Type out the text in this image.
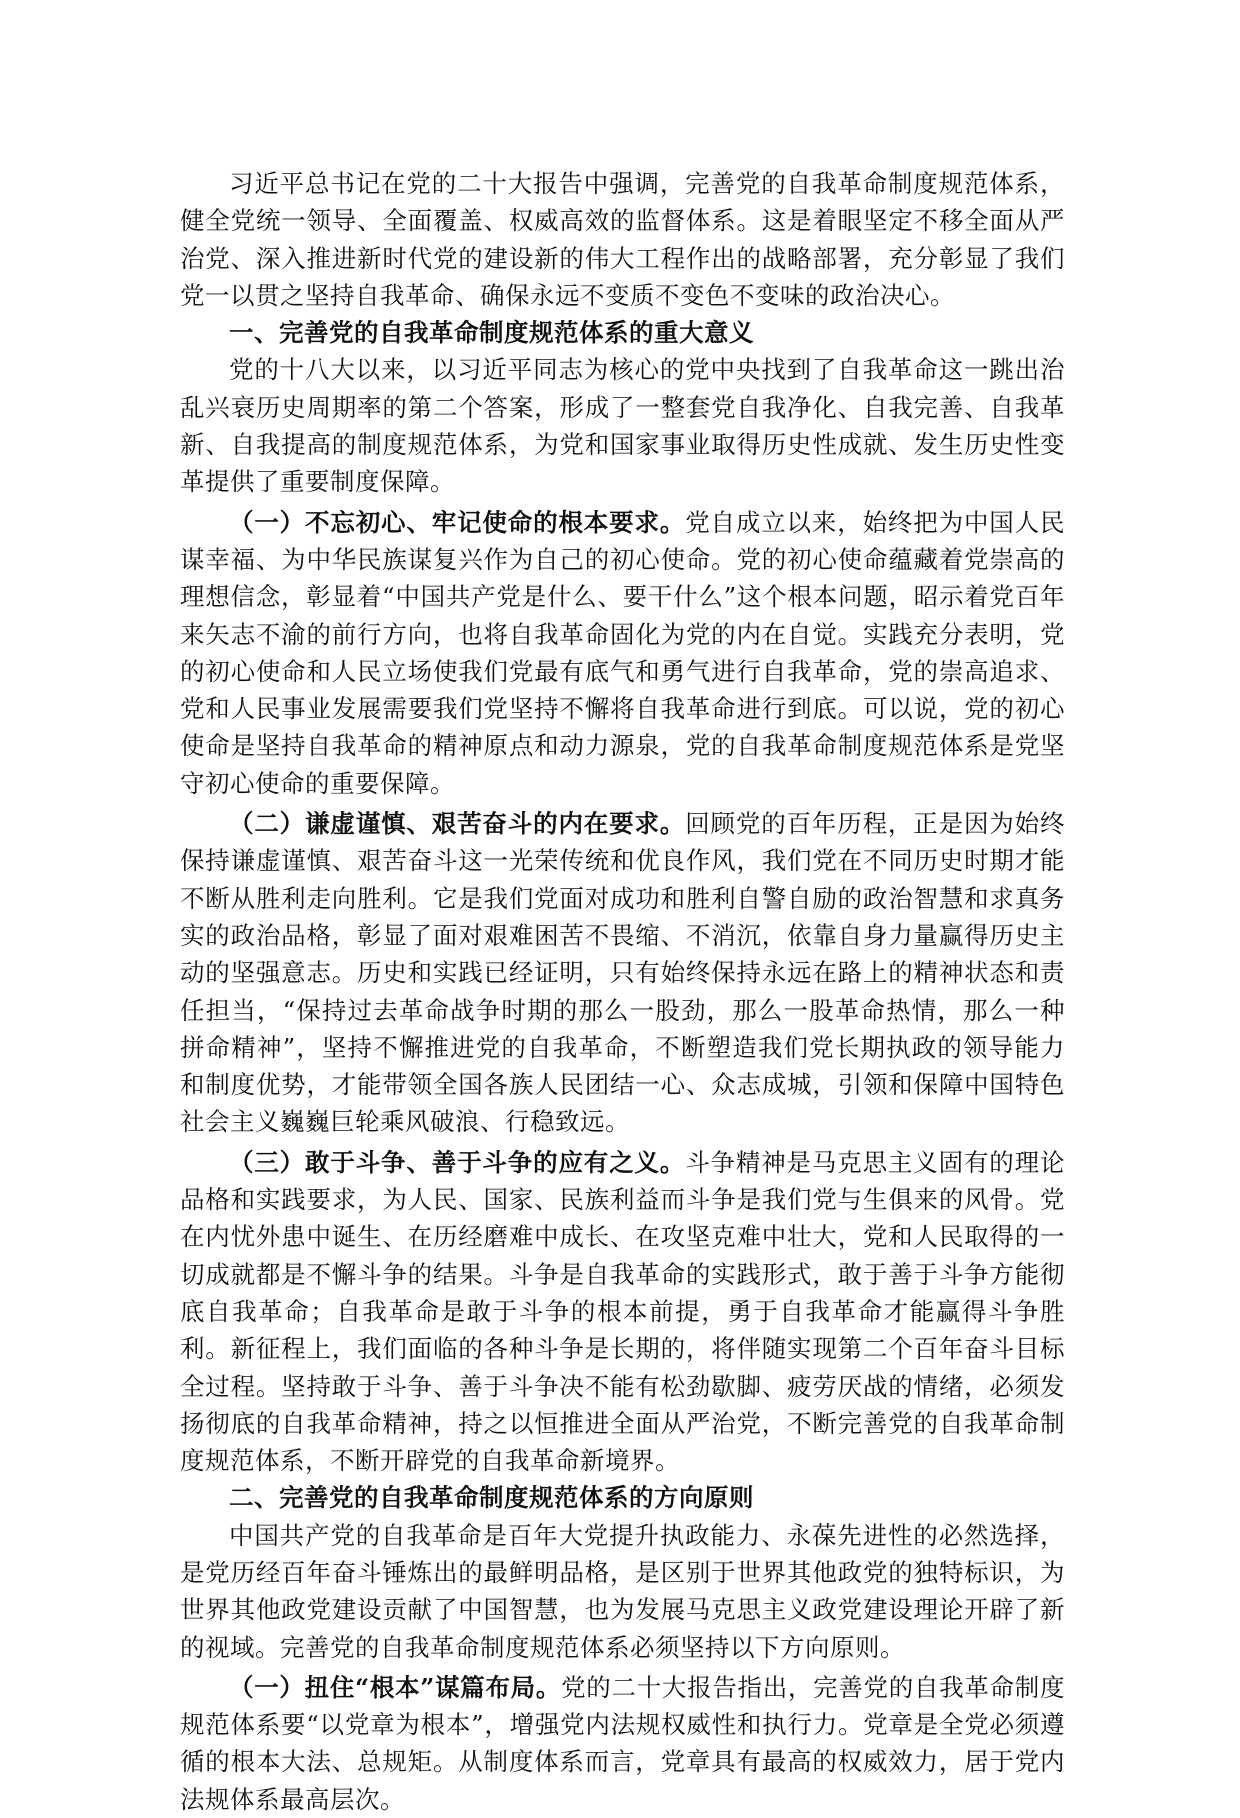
习近平总书记在党的二十大报告中强调，完善党的自我革命制度规范体系，健全党统一领导、全面覆盖、权威高效的监督体系。这是着眼坚定不移全面从严治党、深入推进新时代党的建设新的伟大工程作出的战略部署，充分彰显了我们党一以贯之坚持自我革命、确保永远不变质不变色不变味的政治决心。

一、完善党的自我革命制度规范体系的重大意义

党的十八大以来，以习近平同志为核心的党中央找到了自我革命这一跳出治乱兴衰历史周期率的第二个答案，形成了一整套党自我净化、自我完善、自我革新、自我提高的制度规范体系，为党和国家事业取得历史性成就、发生历史性变革提供了重要制度保障。

（一）不忘初心、牢记使命的根本要求。党自成立以来，始终把为中国人民谋幸福、为中华民族谋复兴作为自己的初心使命。党的初心使命蕴藏着党崇高的理想信念，彰显着“中国共产党是什么、要干什么”这个根本问题，昭示着党百年来矢志不渝的前行方向，也将自我革命固化为党的内在自觉。实践充分表明，党的初心使命和人民立场使我们党最有底气和勇气进行自我革命，党的崇高追求、党和人民事业发展需要我们党坚持不懈将自我革命进行到底。可以说，党的初心使命是坚持自我革命的精神原点和动力源泉，党的自我革命制度规范体系是党坚守初心使命的重要保障。

（二）谦虚谨慎、艰苦奋斗的内在要求。回顾党的百年历程，正是因为始终保持谦虚谨慎、艰苦奋斗这一光荣传统和优良作风，我们党在不同历史时期才能不断从胜利走向胜利。它是我们党面对成功和胜利自警自励的政治智慧和求真务实的政治品格，彰显了面对艰难困苦不畏缩、不消沉，依靠自身力量赢得历史主动的坚强意志。历史和实践已经证明，只有始终保持永远在路上的精神状态和责任担当，“保持过去革命战争时期的那么一股劲，那么一股革命热情，那么一种拼命精神”，坚持不懈推进党的自我革命，不断塑造我们党长期执政的领导能力和制度优势，才能带领全国各族人民团结一心、众志成城，引领和保障中国特色社会主义巍巍巨轮乘风破浪、行稳致远。

（三）敢于斗争、善于斗争的应有之义。斗争精神是马克思主义固有的理论品格和实践要求，为人民、国家、民族利益而斗争是我们党与生俱来的风骨。党在内忧外患中诞生、在历经磨难中成长、在攻坚克难中壮大，党和人民取得的一切成就都是不懈斗争的结果。斗争是自我革命的实践形式，敢于善于斗争方能彻底自我革命；自我革命是敢于斗争的根本前提，勇于自我革命才能赢得斗争胜利。新征程上，我们面临的各种斗争是长期的，将伴随实现第二个百年奋斗目标全过程。坚持敢于斗争、善于斗争决不能有松劲歇脚、疲劳厌战的情绪，必须发扬彻底的自我革命精神，持之以恒推进全面从严治党，不断完善党的自我革命制度规范体系，不断开辟党的自我革命新境界。

二、完善党的自我革命制度规范体系的方向原则

中国共产党的自我革命是百年大党提升执政能力、永葆先进性的必然选择，是党历经百年奋斗锤炼出的最鲜明品格，是区别于世界其他政党的独特标识，为世界其他政党建设贡献了中国智慧，也为发展马克思主义政党建设理论开辟了新的视域。完善党的自我革命制度规范体系必须坚持以下方向原则。

（一）扭住“根本”谋篇布局。党的二十大报告指出，完善党的自我革命制度规范体系要“以党章为根本”，增强党内法规权威性和执行力。党章是全党必须遵循的根本大法、总规矩。从制度体系而言，党章具有最高的权威效力，居于党内法规体系最高层次。
